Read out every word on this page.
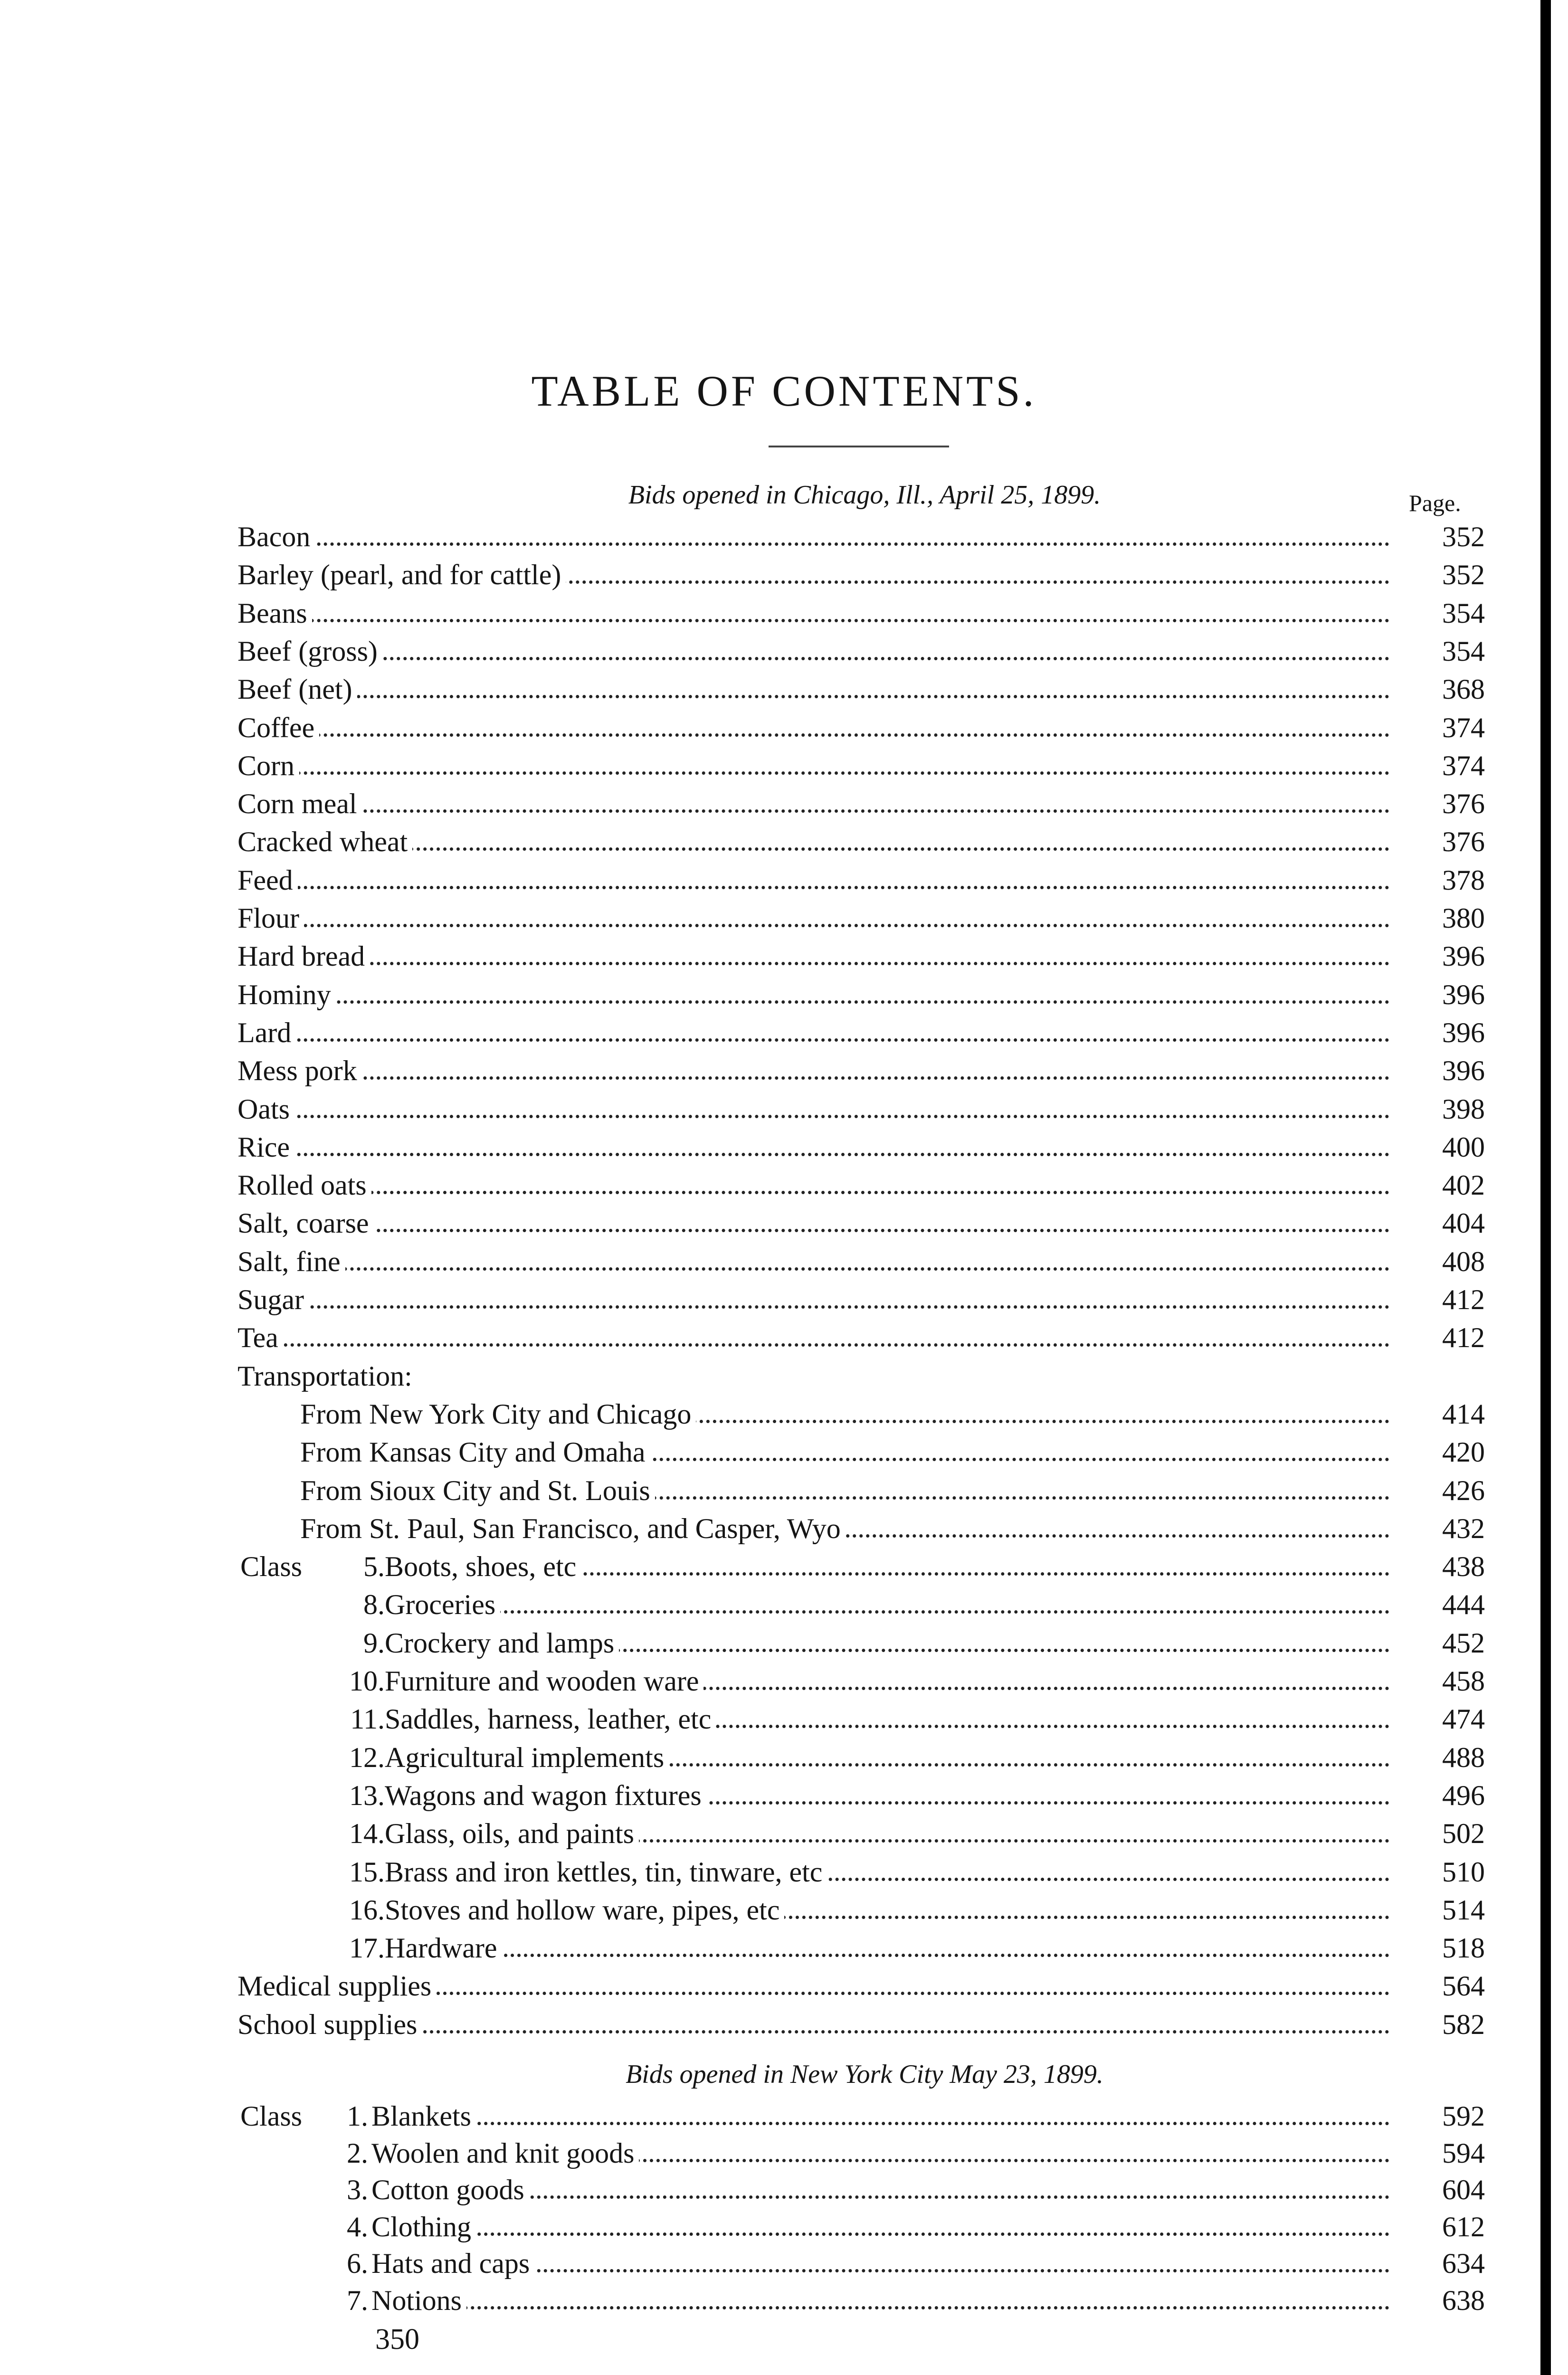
TABLE OF CONTENTS.
Bids opened in Chicago, Ill., April 25, 1899.	Page.
Bids opened in New York City May 23, 1899.
Bacon	352
Barley (pearl, and for cattle)	352
Beans	354
Beef (gross)	354
Beef (net)	368
Coffee	374
Corn	374
Corn meal	376
Cracked wheat	376
Feed	378
Flour	380
Hard bread	396
Hominy	396
Lard	396
Mess pork	396
Oats	398
Rice	400
Rolled oats	402
Salt, coarse	404
Salt, fine	408
Sugar	412
Tea	412
Transportation:
From New York City and Chicago	414
From Kansas City and Omaha	420
From Sioux City and St. Louis	426
From St. Paul, San Francisco, and Casper, Wyo	432
Class	5. Boots, shoes, etc	438
8. Groceries	444
9. Crockery and lamps	452
10. Furniture and wooden ware	458
11. Saddles, harness, leather, etc	474
12. Agricultural implements	488
13. Wagons and wagon fixtures	496
14. Glass, oils, and paints	502
15. Brass and iron kettles, tin, tinware, etc	510
16. Stoves and hollow ware, pipes, etc	514
17. Hardware	518
Medical supplies	564
School supplies	582
Class	1. Blankets	592
2. Woolen and knit goods	594
3. Cotton goods	604
4. Clothing	612
6. Hats and caps	634
7. Notions	638
350
